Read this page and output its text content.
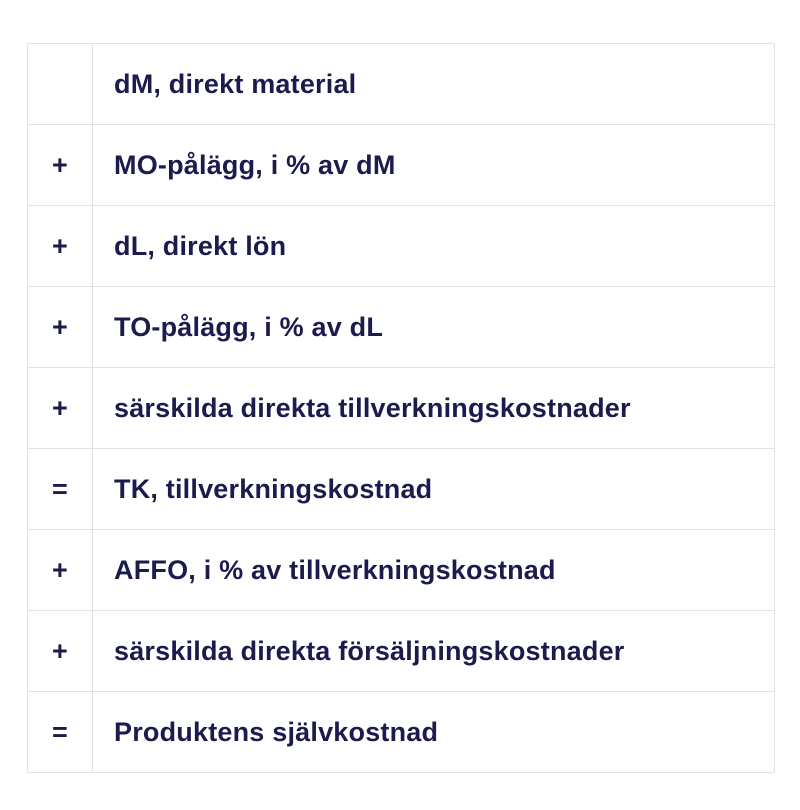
	dM, direkt material
+	MO-pålägg, i % av dM
+	dL, direkt lön
+	TO-pålägg, i % av dL
+	särskilda direkta tillverkningskostnader
=	TK, tillverkningskostnad
+	AFFO, i % av tillverkningskostnad
+	särskilda direkta försäljningskostnader
=	Produktens självkostnad
